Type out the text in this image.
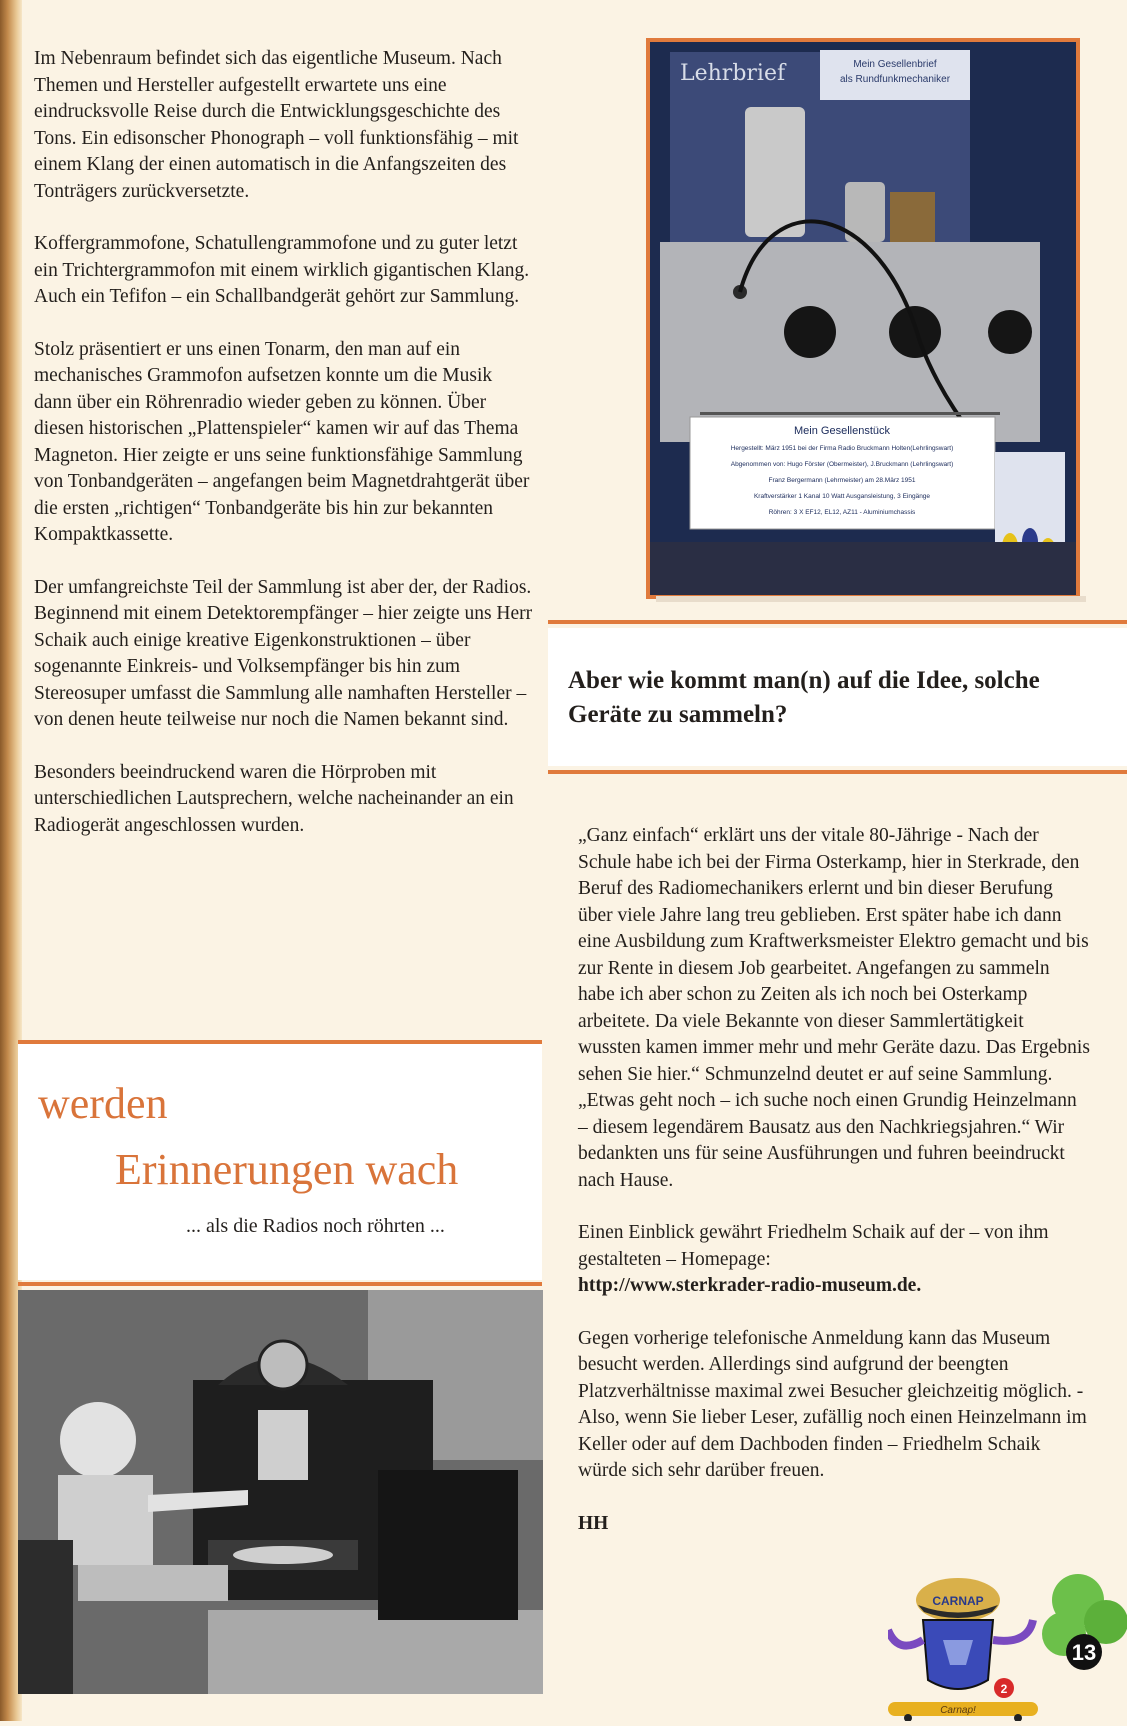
Im Nebenraum befindet sich das eigentliche Museum. Nach Themen und Hersteller aufgestellt erwartete uns eine eindrucksvolle Reise durch die Entwicklungsgeschichte des Tons. Ein edisonscher Phonograph – voll funktionsfähig – mit einem Klang der einen automatisch in die Anfangszeiten des Tonträgers zurückversetzte.

Koffergrammofone, Schatullengrammofone und zu guter letzt ein Trichtergrammofon mit einem wirklich gigantischen Klang. Auch ein Tefifon – ein Schallbandgerät gehört zur Sammlung.

Stolz präsentiert er uns einen Tonarm, den man auf ein mechanisches Grammofon aufsetzen konnte um die Musik dann über ein Röhrenradio wieder geben zu können. Über diesen historischen „Plattenspieler“ kamen wir auf das Thema Magneton. Hier zeigte er uns seine funktionsfähige Sammlung von Tonbandgeräten – angefangen beim Magnetdrahtgerät über die ersten „richtigen“ Tonbandgeräte bis hin zur bekannten Kompaktkassette.

Der umfangreichste Teil der Sammlung ist aber der, der Radios. Beginnend mit einem Detektorempfänger – hier zeigte uns Herr Schaik auch einige kreative Eigenkonstruktionen – über sogenannte Einkreis- und Volksempfänger bis hin zum Stereosuper umfasst die Sammlung alle namhaften Hersteller – von denen heute teilweise nur noch die Namen bekannt sind.

Besonders beeindruckend waren die Hörproben mit unterschiedlichen Lautsprechern, welche nacheinander an ein Radiogerät angeschlossen wurden.

werden
Erinnerungen wach
... als die Radios noch röhrten ...
Lehrbrief	Mein Gesellenbrief
als Rundfunkmechaniker
Mein Gesellenstück
Hergestellt: März 1951 bei der Firma Radio Bruckmann Holten(Lehrlingswart)
Abgenommen von: Hugo Förster (Obermeister), J.Bruckmann (Lehrlingswart)
Franz Bergermann (Lehrmeister) am 28.März 1951
Kraftverstärker 1 Kanal 10 Watt Ausgansleistung, 3 Eingänge
Röhren: 3 X EF12, EL12, AZ11 - Aluminiumchassis
Aber wie kommt man(n) auf die Idee, solche Geräte zu sammeln?

„Ganz einfach“ erklärt uns der vitale 80-Jährige - Nach der Schule habe ich bei der Firma Osterkamp, hier in Sterkrade, den Beruf des Radiomechanikers erlernt und bin dieser Berufung über viele Jahre lang treu geblieben. Erst später habe ich dann eine Ausbildung zum Kraftwerksmeister Elektro gemacht und bis zur Rente in diesem Job gearbeitet. Angefangen zu sammeln habe ich aber schon zu Zeiten als ich noch bei Osterkamp arbeitete. Da viele Bekannte von dieser Sammlertätigkeit wussten kamen immer mehr und mehr Geräte dazu. Das Ergebnis sehen Sie hier.“ Schmunzelnd deutet er auf seine Sammlung. „Etwas geht noch – ich suche noch einen Grundig Heinzelmann – diesem legendärem Bausatz aus den Nachkriegsjahren.“ Wir bedankten uns für seine Ausführungen und fuhren beeindruckt nach Hause.

Einen Einblick gewährt Friedhelm Schaik auf der – von ihm gestalteten – Homepage:
http://www.sterkrader-radio-museum.de.

Gegen vorherige telefonische Anmeldung kann das Museum besucht werden. Allerdings sind aufgrund der beengten Platzverhältnisse maximal zwei Besucher gleichzeitig möglich. -
Also, wenn Sie lieber Leser, zufällig noch einen Heinzelmann im Keller oder auf dem Dachboden finden – Friedhelm Schaik würde sich sehr darüber freuen.

HH

13
CARNAP
2
Carnap!
